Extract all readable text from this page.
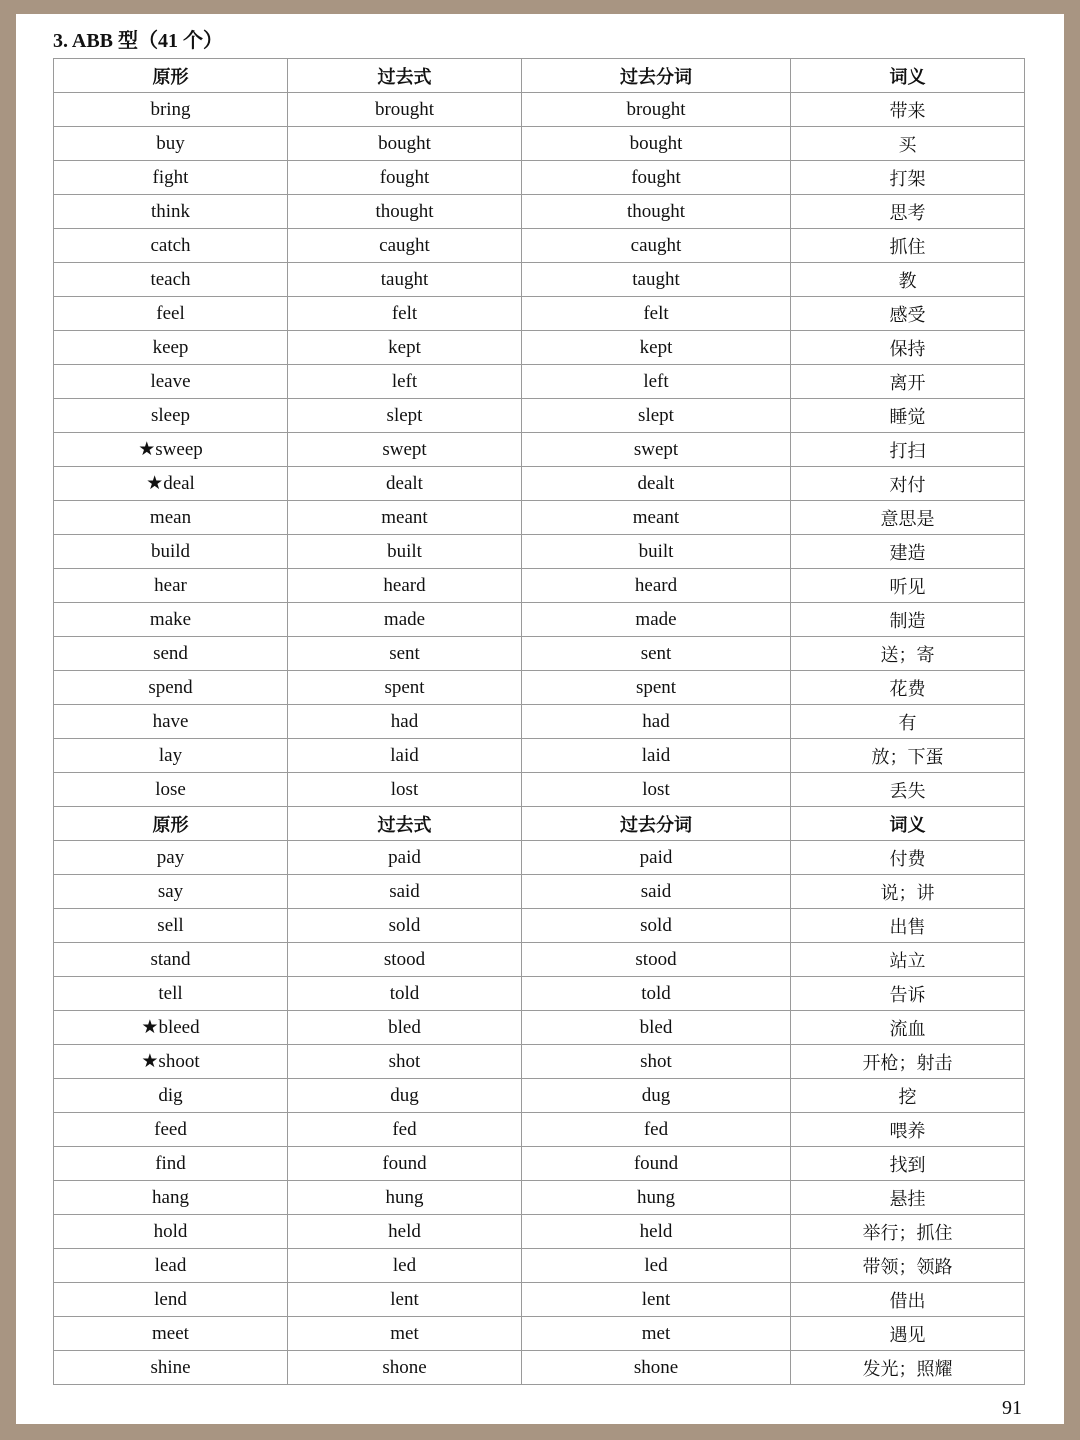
3. ABB 型（41 个）
原形	过去式	过去分词	词义
bring	brought	brought	带来
buy	bought	bought	买
fight	fought	fought	打架
think	thought	thought	思考
catch	caught	caught	抓住
teach	taught	taught	教
feel	felt	felt	感受
keep	kept	kept	保持
leave	left	left	离开
sleep	slept	slept	睡觉
★sweep	swept	swept	打扫
★deal	dealt	dealt	对付
mean	meant	meant	意思是
build	built	built	建造
hear	heard	heard	听见
make	made	made	制造
send	sent	sent	送；寄
spend	spent	spent	花费
have	had	had	有
lay	laid	laid	放；下蛋
lose	lost	lost	丢失
原形	过去式	过去分词	词义
pay	paid	paid	付费
say	said	said	说；讲
sell	sold	sold	出售
stand	stood	stood	站立
tell	told	told	告诉
★bleed	bled	bled	流血
★shoot	shot	shot	开枪；射击
dig	dug	dug	挖
feed	fed	fed	喂养
find	found	found	找到
hang	hung	hung	悬挂
hold	held	held	举行；抓住
lead	led	led	带领；领路
lend	lent	lent	借出
meet	met	met	遇见
shine	shone	shone	发光；照耀
91
